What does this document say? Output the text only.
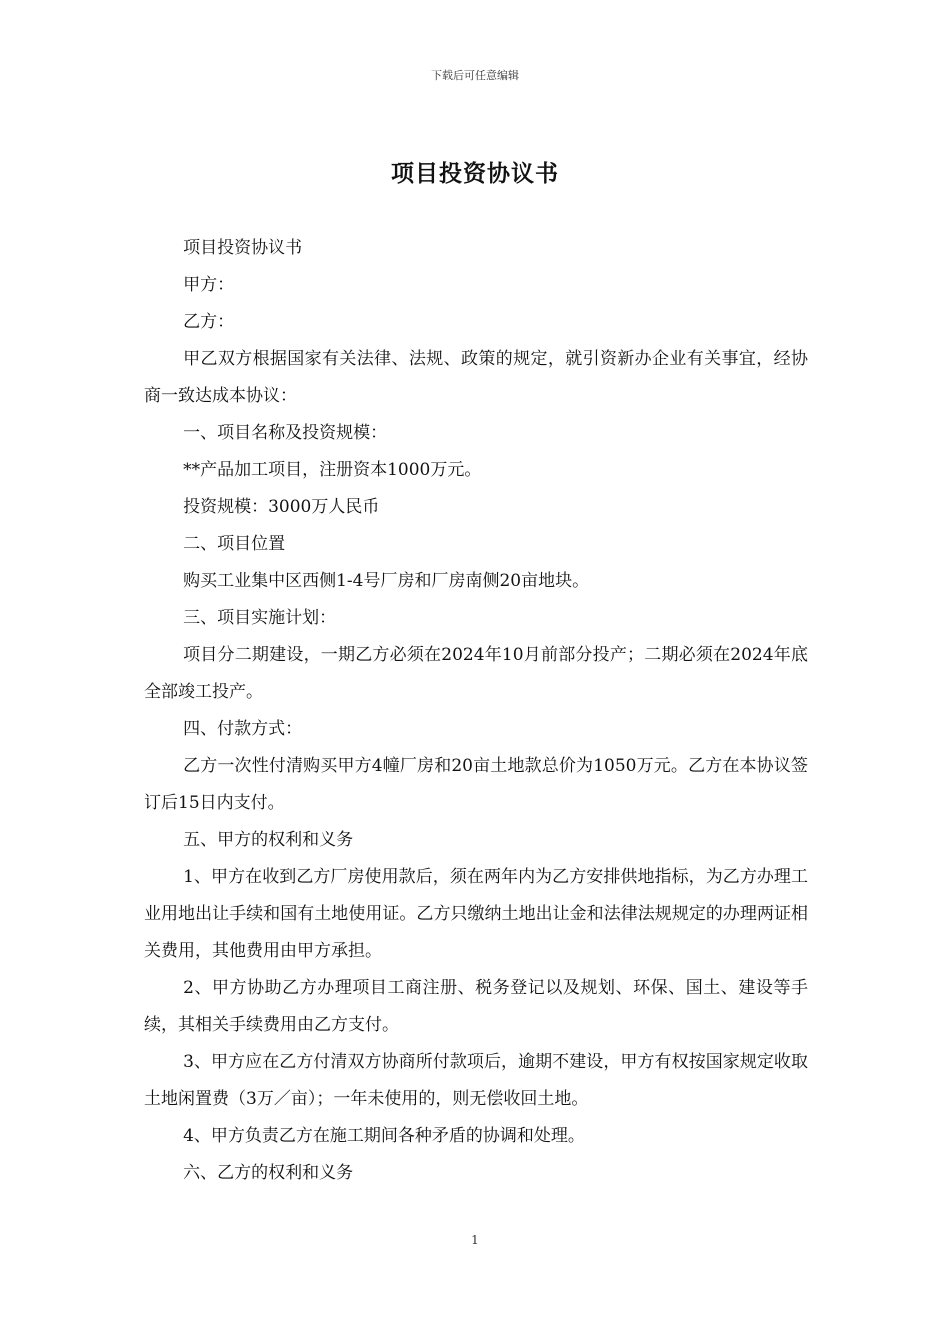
下载后可任意编辑
项目投资协议书

项目投资协议书

甲方：

乙方：

甲乙双方根据国家有关法律、法规、政策的规定，就引资新办企业有关事宜，经协商一致达成本协议：

一、项目名称及投资规模：

**产品加工项目，注册资本1000万元。

投资规模：3000万人民币

二、项目位置

购买工业集中区西侧1-4号厂房和厂房南侧20亩地块。

三、项目实施计划：

项目分二期建设，一期乙方必须在2024年10月前部分投产；二期必须在2024年底全部竣工投产。

四、付款方式：

乙方一次性付清购买甲方4幢厂房和20亩土地款总价为1050万元。乙方在本协议签订后15日内支付。

五、甲方的权利和义务

1、甲方在收到乙方厂房使用款后，须在两年内为乙方安排供地指标，为乙方办理工业用地出让手续和国有土地使用证。乙方只缴纳土地出让金和法律法规规定的办理两证相关费用，其他费用由甲方承担。

2、甲方协助乙方办理项目工商注册、税务登记以及规划、环保、国土、建设等手续，其相关手续费用由乙方支付。

3、甲方应在乙方付清双方协商所付款项后，逾期不建设，甲方有权按国家规定收取土地闲置费（3万／亩）；一年未使用的，则无偿收回土地。

4、甲方负责乙方在施工期间各种矛盾的协调和处理。

六、乙方的权利和义务

1
